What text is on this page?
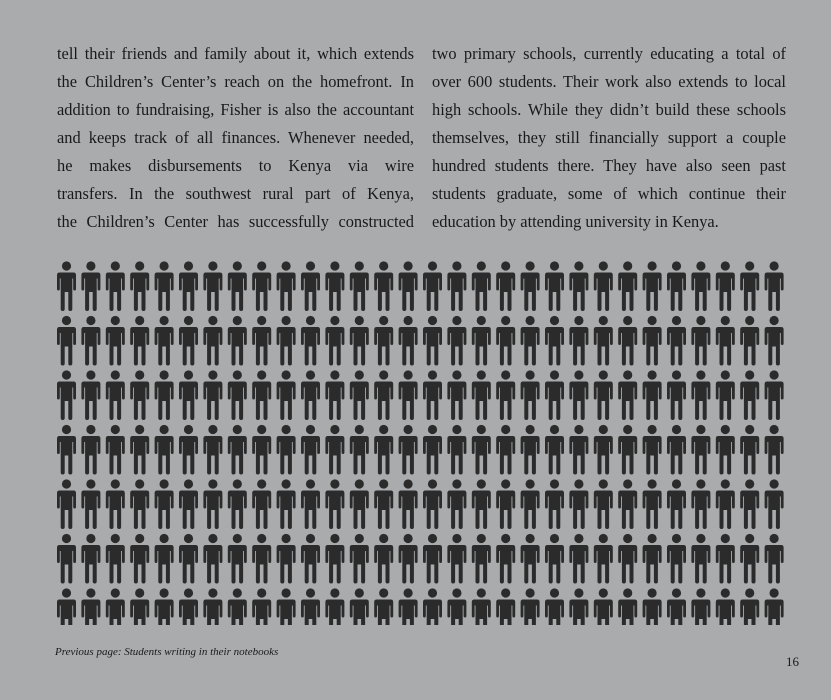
tell their friends and family about it, which extends
the Children’s Center’s reach on the homefront. In
addition to fundraising, Fisher is also the accountant
and keeps track of all finances. Whenever needed,
he makes disbursements to Kenya via wire
transfers. In the southwest rural part of Kenya,
the Children’s Center has successfully constructed

two primary schools, currently educating a total of
over 600 students. Their work also extends to local
high schools. While they didn’t build these schools
themselves, they still financially support a couple
hundred students there. They have also seen past
students graduate, some of which continue their
education by attending university in Kenya.

Previous page: Students writing in their notebooks
16
